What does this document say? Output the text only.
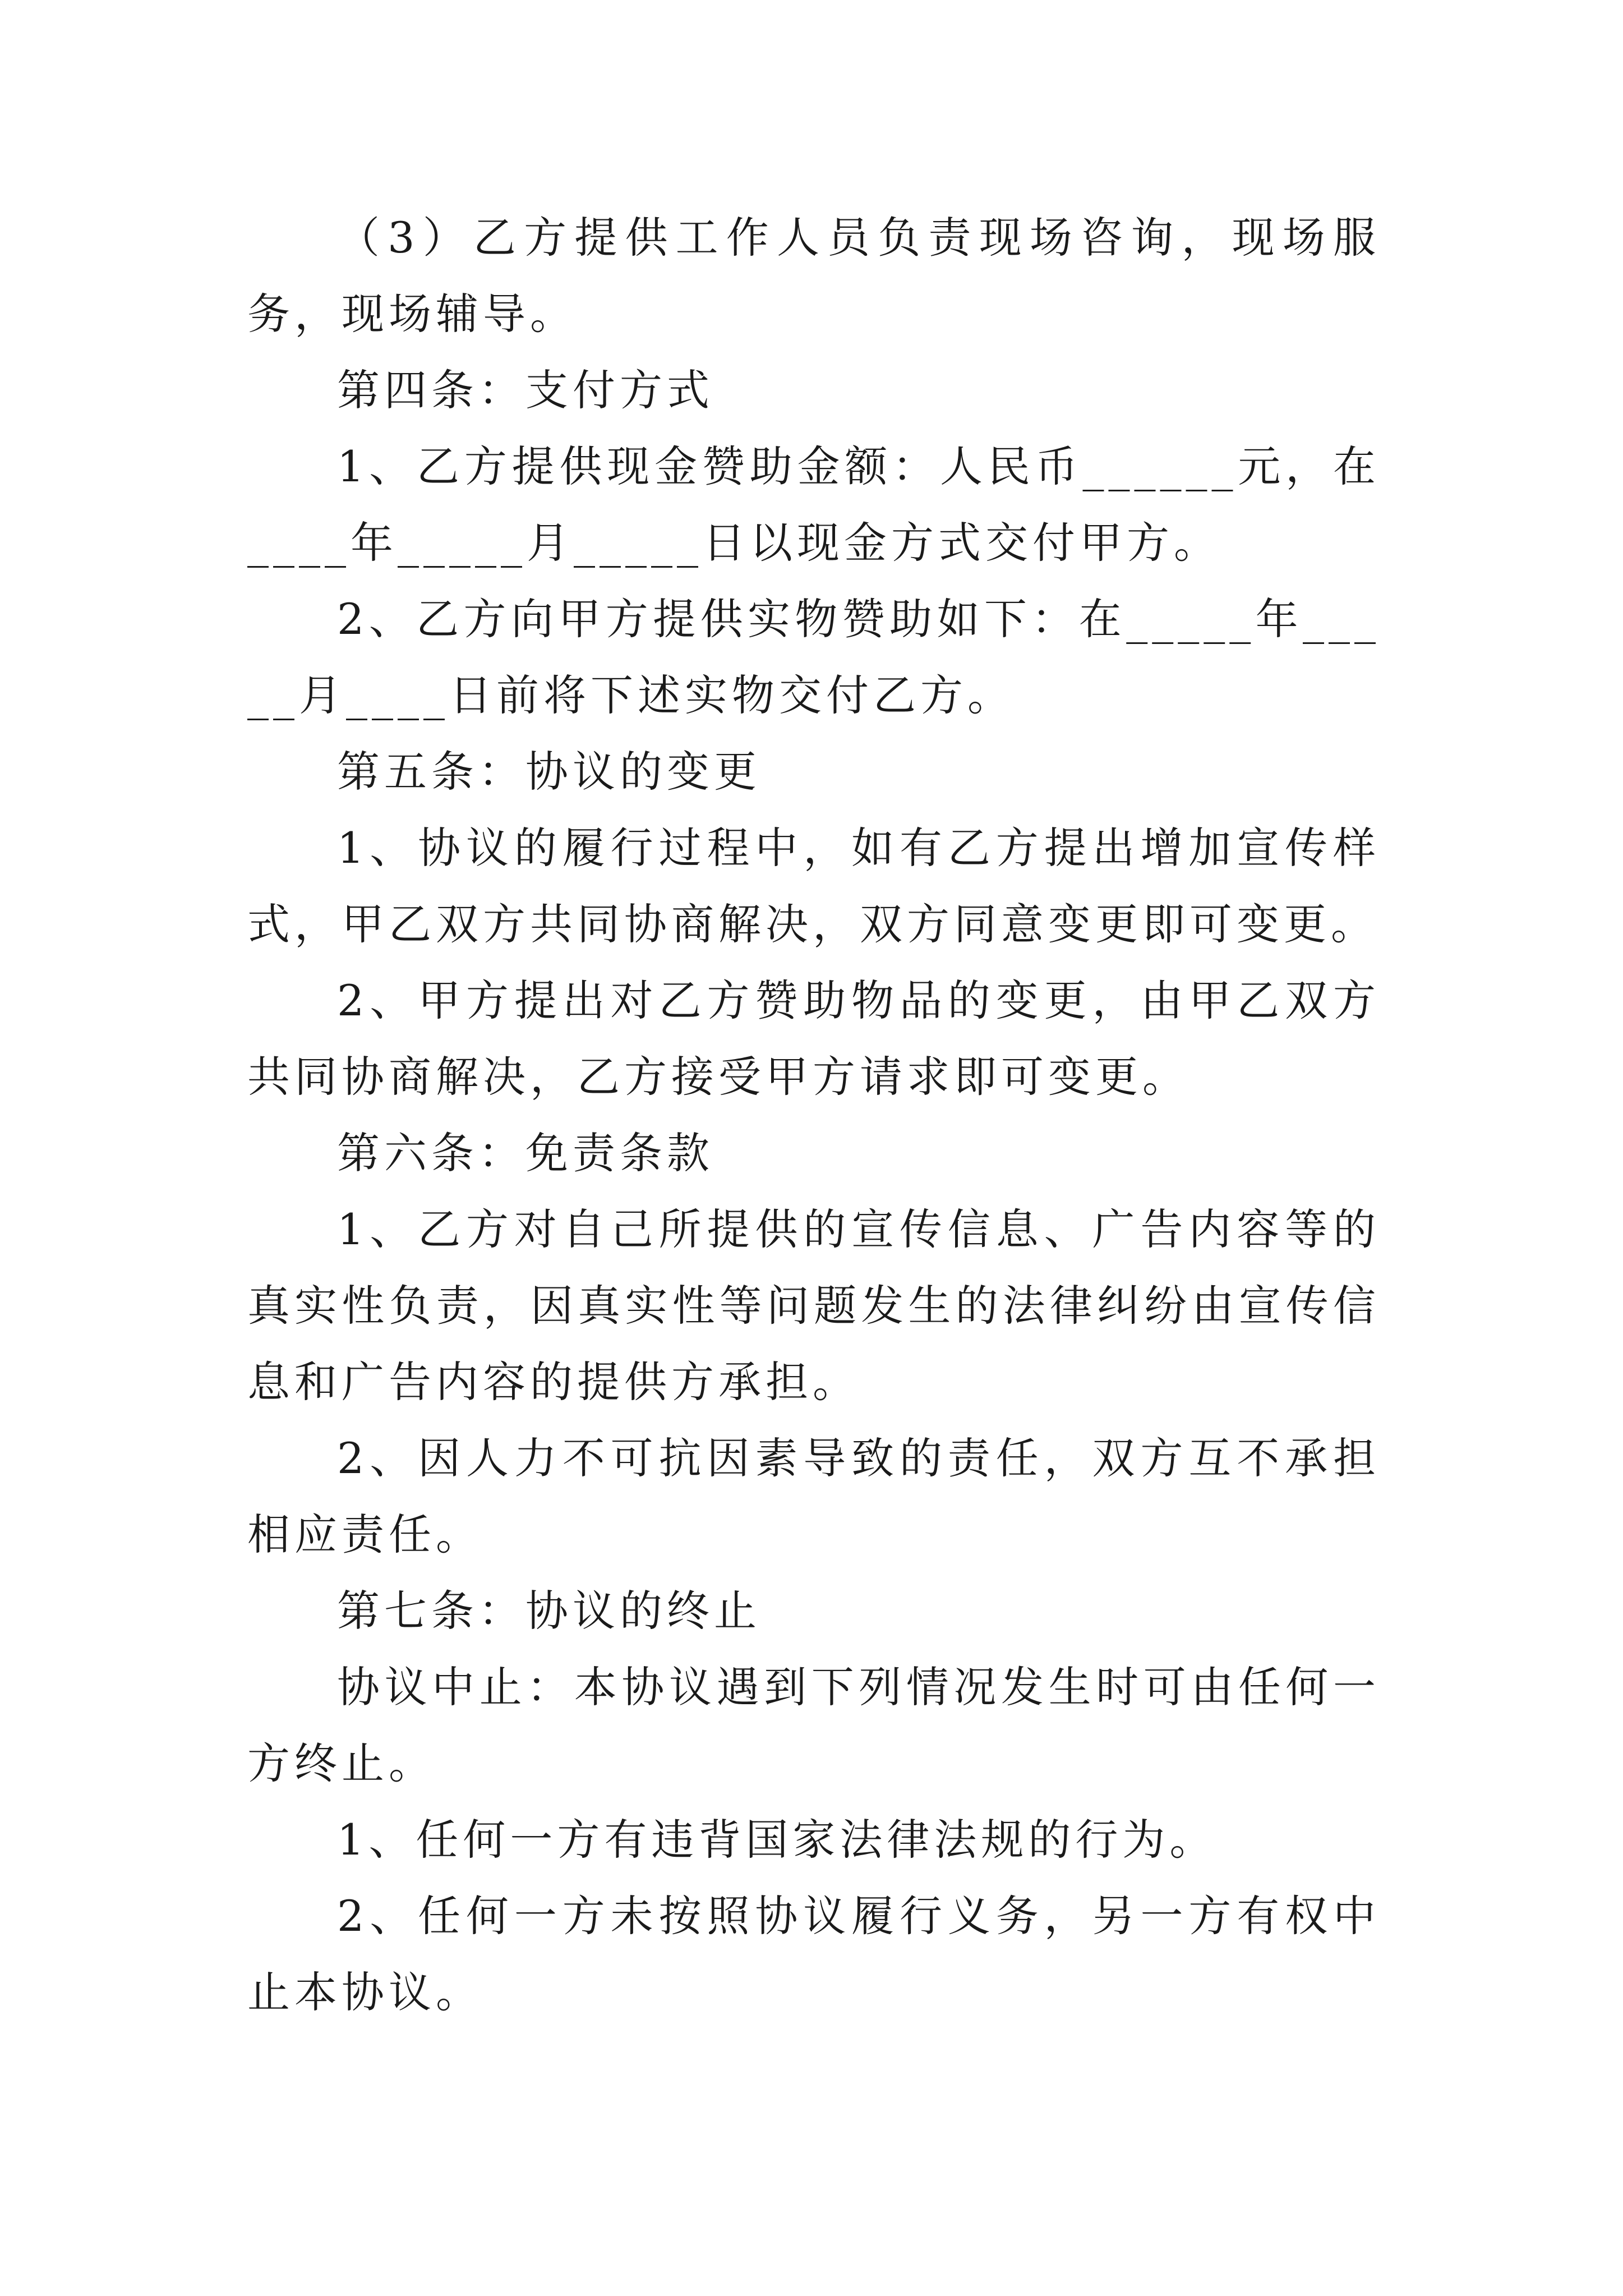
（3）乙方提供工作人员负责现场咨询，现场服务，现场辅导。

第四条：支付方式

1、乙方提供现金赞助金额：人民币______元，在____年_____月_____日以现金方式交付甲方。

2、乙方向甲方提供实物赞助如下：在_____年_____月____日前将下述实物交付乙方。

第五条：协议的变更

1、协议的履行过程中，如有乙方提出增加宣传样式，甲乙双方共同协商解决，双方同意变更即可变更。

2、甲方提出对乙方赞助物品的变更，由甲乙双方共同协商解决，乙方接受甲方请求即可变更。

第六条：免责条款

1、乙方对自己所提供的宣传信息、广告内容等的真实性负责，因真实性等问题发生的法律纠纷由宣传信息和广告内容的提供方承担。

2、因人力不可抗因素导致的责任，双方互不承担相应责任。

第七条：协议的终止

协议中止：本协议遇到下列情况发生时可由任何一方终止。

1、任何一方有违背国家法律法规的行为。

2、任何一方未按照协议履行义务，另一方有权中止本协议。
